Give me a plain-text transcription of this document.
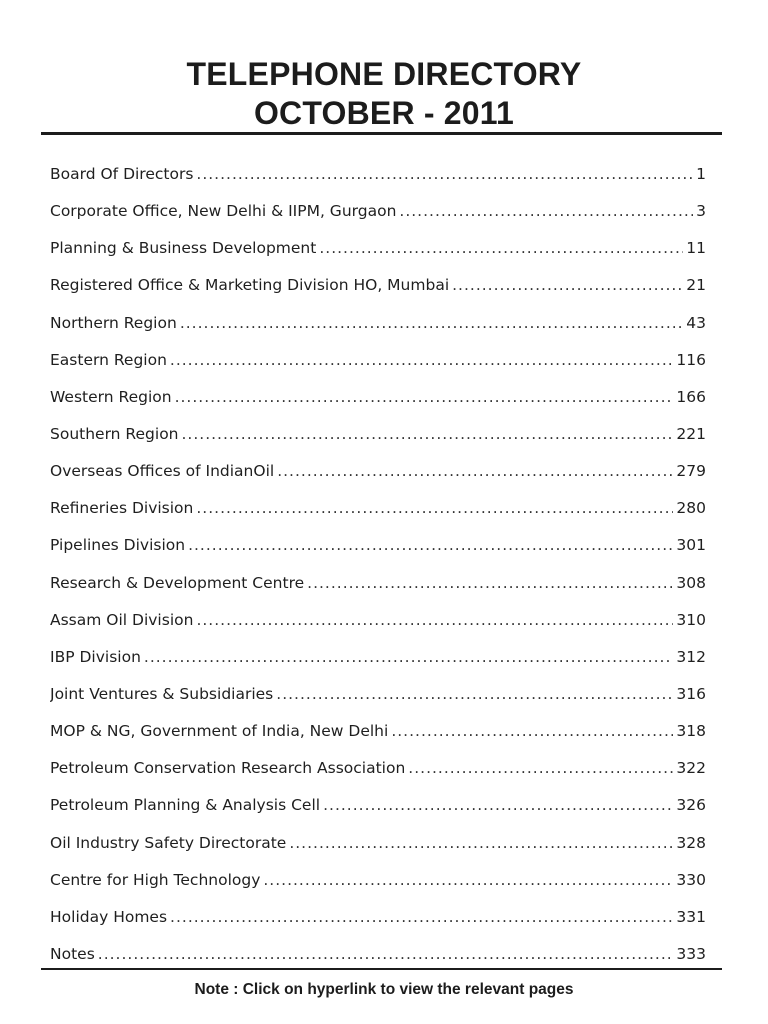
TELEPHONE DIRECTORY
OCTOBER - 2011
Board Of Directors .....	1
Corporate Office, New Delhi & IIPM, Gurgaon .....	3
Planning & Business Development .....	11
Registered Office & Marketing Division HO, Mumbai .....	21
Northern Region .....	43
Eastern Region .....	116
Western Region .....	166
Southern Region .....	221
Overseas Offices of IndianOil .....	279
Refineries Division .....	280
Pipelines Division .....	301
Research & Development Centre .....	308
Assam Oil Division .....	310
IBP Division .....	312
Joint Ventures & Subsidiaries .....	316
MOP & NG, Government of India, New Delhi .....	318
Petroleum Conservation Research Association .....	322
Petroleum Planning & Analysis Cell .....	326
Oil Industry Safety Directorate .....	328
Centre for High Technology .....	330
Holiday Homes .....	331
Notes .....	333
Note : Click on hyperlink to view the relevant pages
